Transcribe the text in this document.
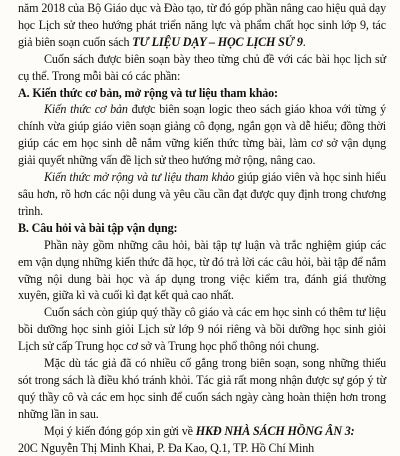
năm 2018 của Bộ Giáo dục và Đào tạo, từ đó góp phần nâng cao hiệu quả dạy học Lịch sử theo hướng phát triển năng lực và phẩm chất học sinh lớp 9, tác giả biên soạn cuốn sách TƯ LIỆU DẠY – HỌC LỊCH SỬ 9.

Cuốn sách được biên soạn bày theo từng chủ đề với các bài học lịch sử cụ thể. Trong mỗi bài có các phần:

A. Kiến thức cơ bản, mở rộng và tư liệu tham khảo:

Kiến thức cơ bản được biên soạn logic theo sách giáo khoa với từng ý chính vừa giúp giáo viên soạn giảng cô đọng, ngắn gọn và dễ hiểu; đồng thời giúp các em học sinh dễ nắm vững kiến thức từng bài, làm cơ sở vận dụng giải quyết những vấn đề lịch sử theo hướng mở rộng, nâng cao.

Kiến thức mở rộng và tư liệu tham khảo giúp giáo viên và học sinh hiểu sâu hơn, rõ hơn các nội dung và yêu cầu cần đạt được quy định trong chương trình.

B. Câu hỏi và bài tập vận dụng:

Phần này gồm những câu hỏi, bài tập tự luận và trắc nghiệm giúp các em vận dụng những kiến thức đã học, từ đó trả lời các câu hỏi, bài tập để nắm vững nội dung bài học và áp dụng trong việc kiểm tra, đánh giá thường xuyên, giữa kì và cuối kì đạt kết quả cao nhất.

Cuốn sách còn giúp quý thầy cô giáo và các em học sinh có thêm tư liệu bồi dưỡng học sinh giỏi Lịch sử lớp 9 nói riêng và bồi dưỡng học sinh giỏi Lịch sử cấp Trung học cơ sở và Trung học phổ thông nói chung.

Mặc dù tác giả đã có nhiều cố gắng trong biên soạn, song những thiếu sót trong sách là điều khó tránh khỏi. Tác giả rất mong nhận được sự góp ý từ quý thầy cô và các em học sinh để cuốn sách ngày càng hoàn thiện hơn trong những lần in sau.

Mọi ý kiến đóng góp xin gửi về HKĐ NHÀ SÁCH HỒNG ÂN 3:

20C Nguyễn Thị Minh Khai, P. Đa Kao, Q.1, TP. Hồ Chí Minh
